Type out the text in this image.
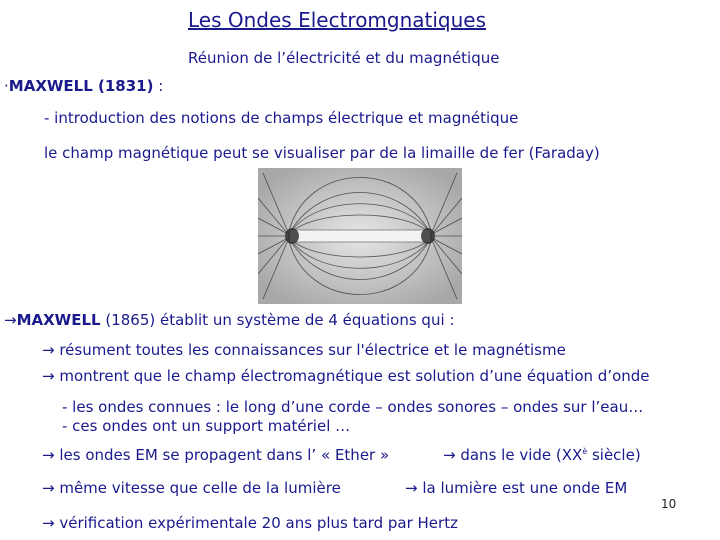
Les Ondes Electromgnatiques
Réunion de l’électricité et du magnétique
·MAXWELL (1831) :
- introduction des notions de champs électrique et magnétique
le champ magnétique peut se visualiser par de la limaille de fer (Faraday)
→MAXWELL (1865) établit un système de 4 équations qui :
→ résument toutes les connaissances sur l'électrice et le magnétisme
→ montrent que le champ électromagnétique est solution d’une équation d’onde
- les ondes connues : le long d’une corde – ondes sonores – ondes sur l’eau…
- ces ondes ont un support matériel …
→ les ondes EM se propagent dans l’ « Ether »	→ dans le vide ($XX^è$ siècle)
→ même vitesse que celle de la lumière	→ la lumière est une onde EM
→ vérification expérimentale 20 ans plus tard par Hertz
10
